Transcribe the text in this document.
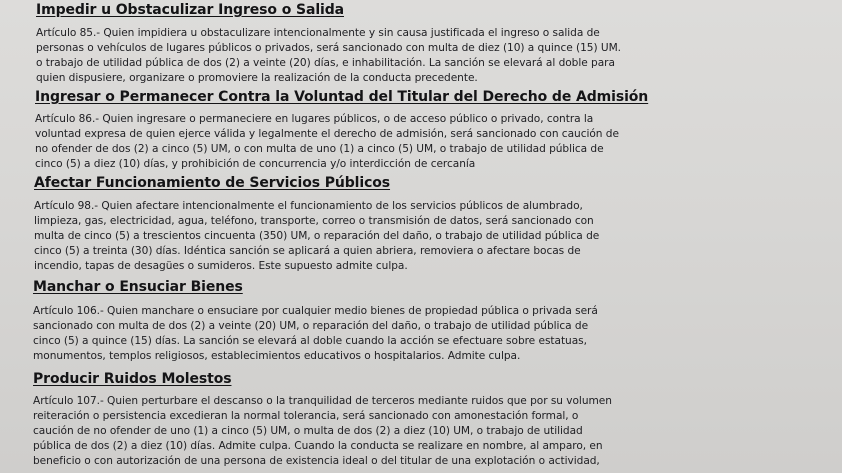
Impedir u Obstaculizar Ingreso o Salida
Artículo 85.- Quien impidiera u obstaculizare intencionalmente y sin causa justificada el ingreso o salida de
personas o vehículos de lugares públicos o privados, será sancionado con multa de diez (10) a quince (15) UM.
o trabajo de utilidad pública de dos (2) a veinte (20) días, e inhabilitación. La sanción se elevará al doble para
quien dispusiere, organizare o promoviere la realización de la conducta precedente.
Ingresar o Permanecer Contra la Voluntad del Titular del Derecho de Admisión
Artículo 86.- Quien ingresare o permaneciere en lugares públicos, o de acceso público o privado, contra la
voluntad expresa de quien ejerce válida y legalmente el derecho de admisión, será sancionado con caución de
no ofender de dos (2) a cinco (5) UM, o con multa de uno (1) a cinco (5) UM, o trabajo de utilidad pública de
cinco (5) a diez (10) días, y prohibición de concurrencia y/o interdicción de cercanía
Afectar Funcionamiento de Servicios Públicos
Artículo 98.- Quien afectare intencionalmente el funcionamiento de los servicios públicos de alumbrado,
limpieza, gas, electricidad, agua, teléfono, transporte, correo o transmisión de datos, será sancionado con
multa de cinco (5) a trescientos cincuenta (350) UM, o reparación del daño, o trabajo de utilidad pública de
cinco (5) a treinta (30) días. Idéntica sanción se aplicará a quien abriera, removiera o afectare bocas de
incendio, tapas de desagües o sumideros. Este supuesto admite culpa.
Manchar o Ensuciar Bienes
Artículo 106.- Quien manchare o ensuciare por cualquier medio bienes de propiedad pública o privada será
sancionado con multa de dos (2) a veinte (20) UM, o reparación del daño, o trabajo de utilidad pública de
cinco (5) a quince (15) días. La sanción se elevará al doble cuando la acción se efectuare sobre estatuas,
monumentos, templos religiosos, establecimientos educativos o hospitalarios. Admite culpa.
Producir Ruidos Molestos
Artículo 107.- Quien perturbare el descanso o la tranquilidad de terceros mediante ruidos que por su volumen
reiteración o persistencia excedieran la normal tolerancia, será sancionado con amonestación formal, o
caución de no ofender de uno (1) a cinco (5) UM, o multa de dos (2) a diez (10) UM, o trabajo de utilidad
pública de dos (2) a diez (10) días. Admite culpa. Cuando la conducta se realizare en nombre, al amparo, en
beneficio o con autorización de una persona de existencia ideal o del titular de una explotación o actividad,
